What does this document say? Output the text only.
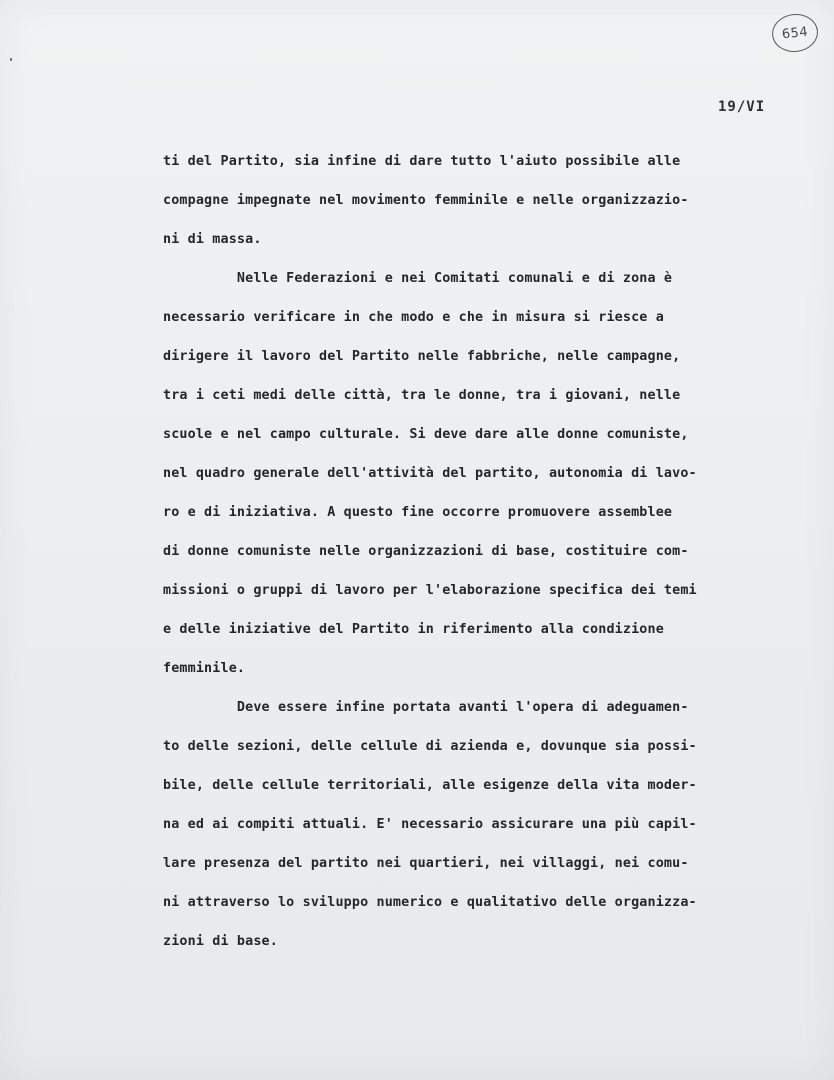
654
19/VI
ti del Partito, sia infine di dare tutto l'aiuto possibile alle
compagne impegnate nel movimento femminile e nelle organizzazio-
ni di massa.
Nelle Federazioni e nei Comitati comunali e di zona è
necessario verificare in che modo e che in misura si riesce a
dirigere il lavoro del Partito nelle fabbriche, nelle campagne,
tra i ceti medi delle città, tra le donne, tra i giovani, nelle
scuole e nel campo culturale. Si deve dare alle donne comuniste,
nel quadro generale dell'attività del partito, autonomia di lavo-
ro e di iniziativa. A questo fine occorre promuovere assemblee
di donne comuniste nelle organizzazioni di base, costituire com-
missioni o gruppi di lavoro per l'elaborazione specifica dei temi
e delle iniziative del Partito in riferimento alla condizione
femminile.
Deve essere infine portata avanti l'opera di adeguamen-
to delle sezioni, delle cellule di azienda e, dovunque sia possi-
bile, delle cellule territoriali, alle esigenze della vita moder-
na ed ai compiti attuali. E' necessario assicurare una più capil-
lare presenza del partito nei quartieri, nei villaggi, nei comu-
ni attraverso lo sviluppo numerico e qualitativo delle organizza-
zioni di base.
